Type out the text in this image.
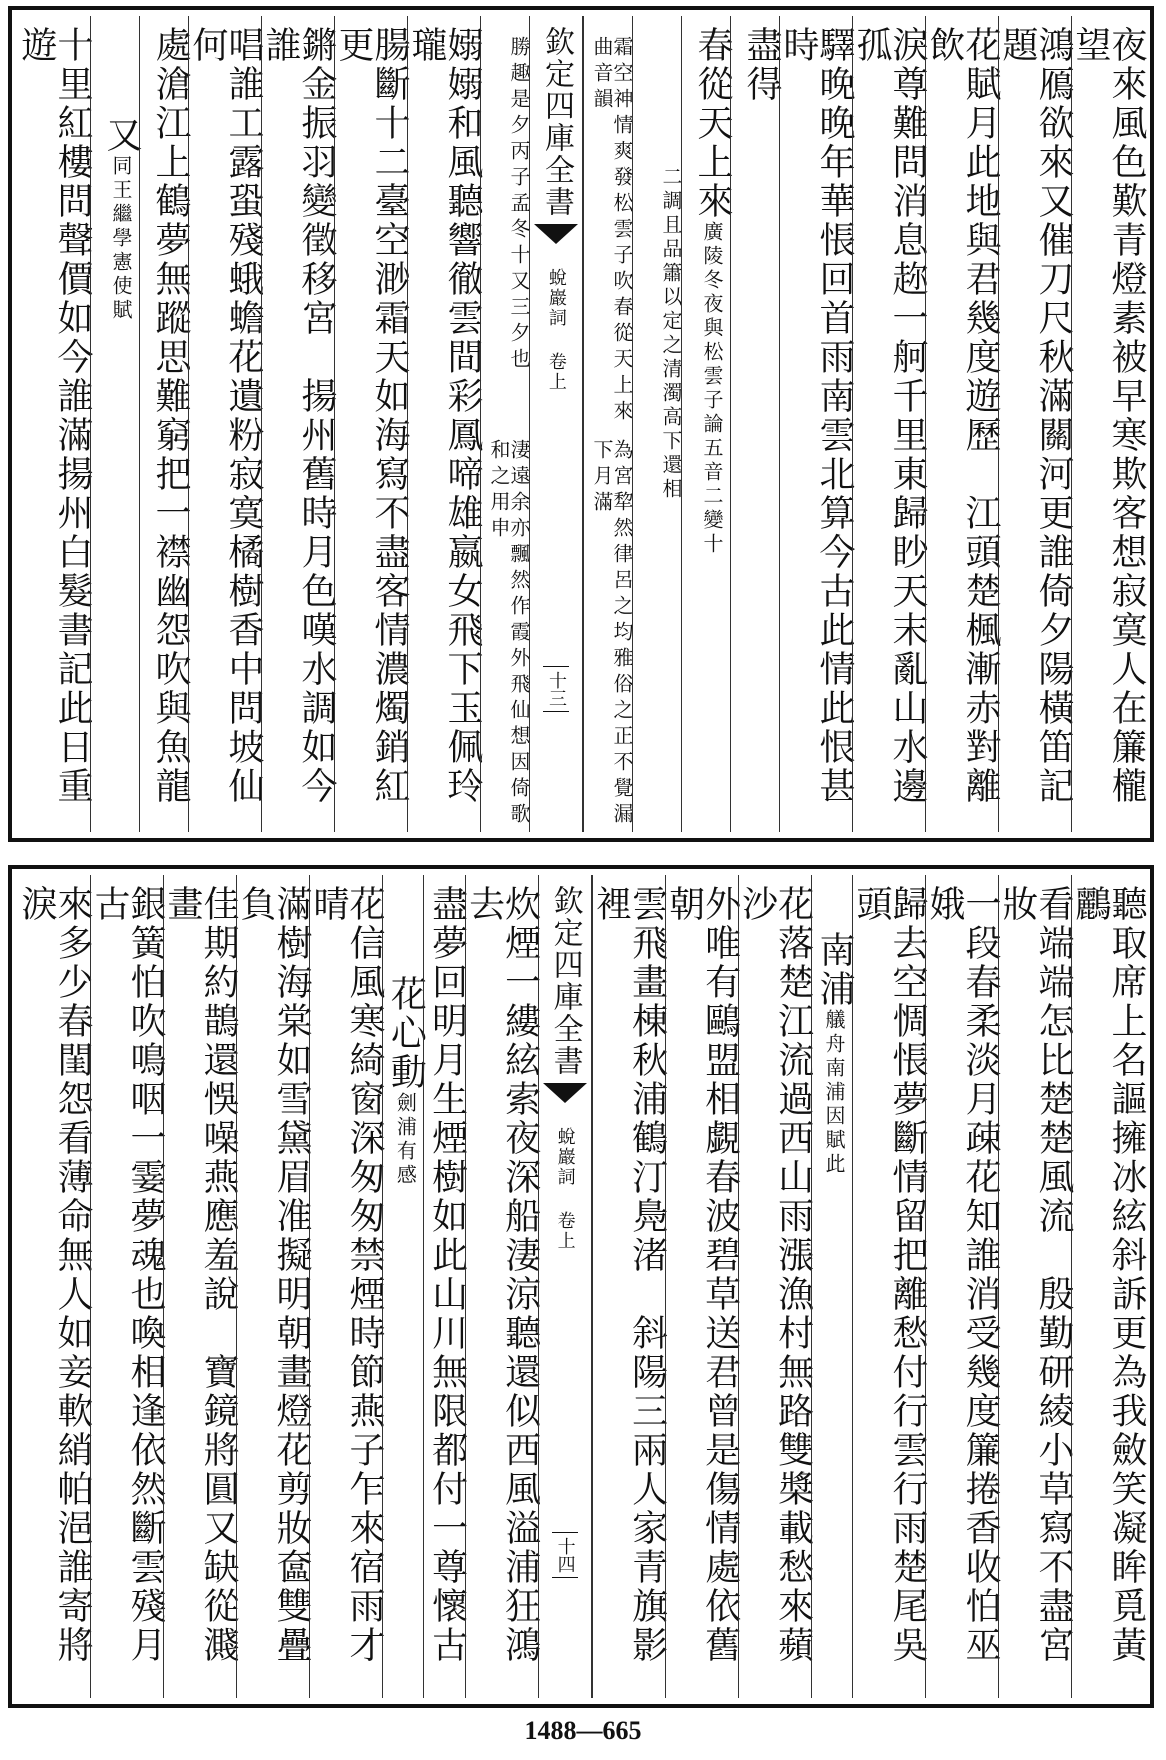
夜來風色歎青燈素被早寒欺客想寂寞人在簾櫳望
鴻鴈欲來又催刀尺秋滿關河更誰倚夕陽橫笛記題
花賦月此地與君幾度遊歷　江頭楚楓漸赤對離飲
淚尊難問消息趂一舸千里東歸眇天末亂山水邊孤
驛晚晚年華悵回首雨南雲北算今古此情此恨甚時
盡得
春從天上來廣陵冬夜與松雲子論五音二變十
二調且品簫以定之清濁高下還相
為宮犂然律呂之均雅俗之正不覺漏下月滿
霜空神情爽發松雲子吹春從天上來曲音韻
欽定四庫全書
蛻巖詞
卷上
十三
淒遠余亦飄然作霞外飛仙想因倚歌和之用申
勝趣是夕丙子孟冬十又三夕也
嫋嫋和風聽響徹雲間彩鳳啼雄嬴女飛下玉佩玲瓏
腸斷十二臺空渺霜天如海寫不盡客情濃燭銷紅更
鏘金振羽變徵移宮　揚州舊時月色嘆水調如今誰
唱誰工露蛩殘蛾蟾花遺粉寂寞橘樹香中問坡仙何
處滄江上鶴夢無蹤思難窮把一襟幽怨吹與魚龍
又同王繼學憲使賦
十里紅樓問聲價如今誰滿揚州白髮書記此日重遊
聽取席上名謳擁冰絃斜訴更為我斂笑凝眸覓黃鸝
看端端怎比楚楚風流　殷勤研綾小草寫不盡宮妝
一段春柔淡月疎花知誰消受幾度簾捲香收怕巫娥
歸去空惆悵夢斷情留把離愁付行雲行雨楚尾吳頭
南浦艤舟南浦因賦此
花落楚江流過西山雨漲漁村無路雙槳載愁來蘋沙
外唯有鷗盟相覷春波碧草送君曾是傷情處依舊朝
雲飛畫棟秋浦鶴汀鳧渚　斜陽三兩人家青旗影裡
欽定四庫全書
蛻巖詞
卷上
十四
炊煙一縷絃索夜深船淒涼聽還似西風溢浦狂鴻去
盡夢回明月生煙樹如此山川無限都付一尊懷古
花心動劍浦有感
花信風寒綺窗深匆匆禁煙時節燕子乍來宿雨才晴
滿樹海棠如雪黛眉准擬明朝畫燈花剪妝奩雙疊負
佳期約鵲還悞噪燕應羞說　寶鏡將圓又缺從濺畫
銀簧怕吹鳴咽一霎夢魂也喚相逢依然斷雲殘月古
來多少春閨怨看薄命無人如妾軟綃帕浥誰寄將淚
1488—665
